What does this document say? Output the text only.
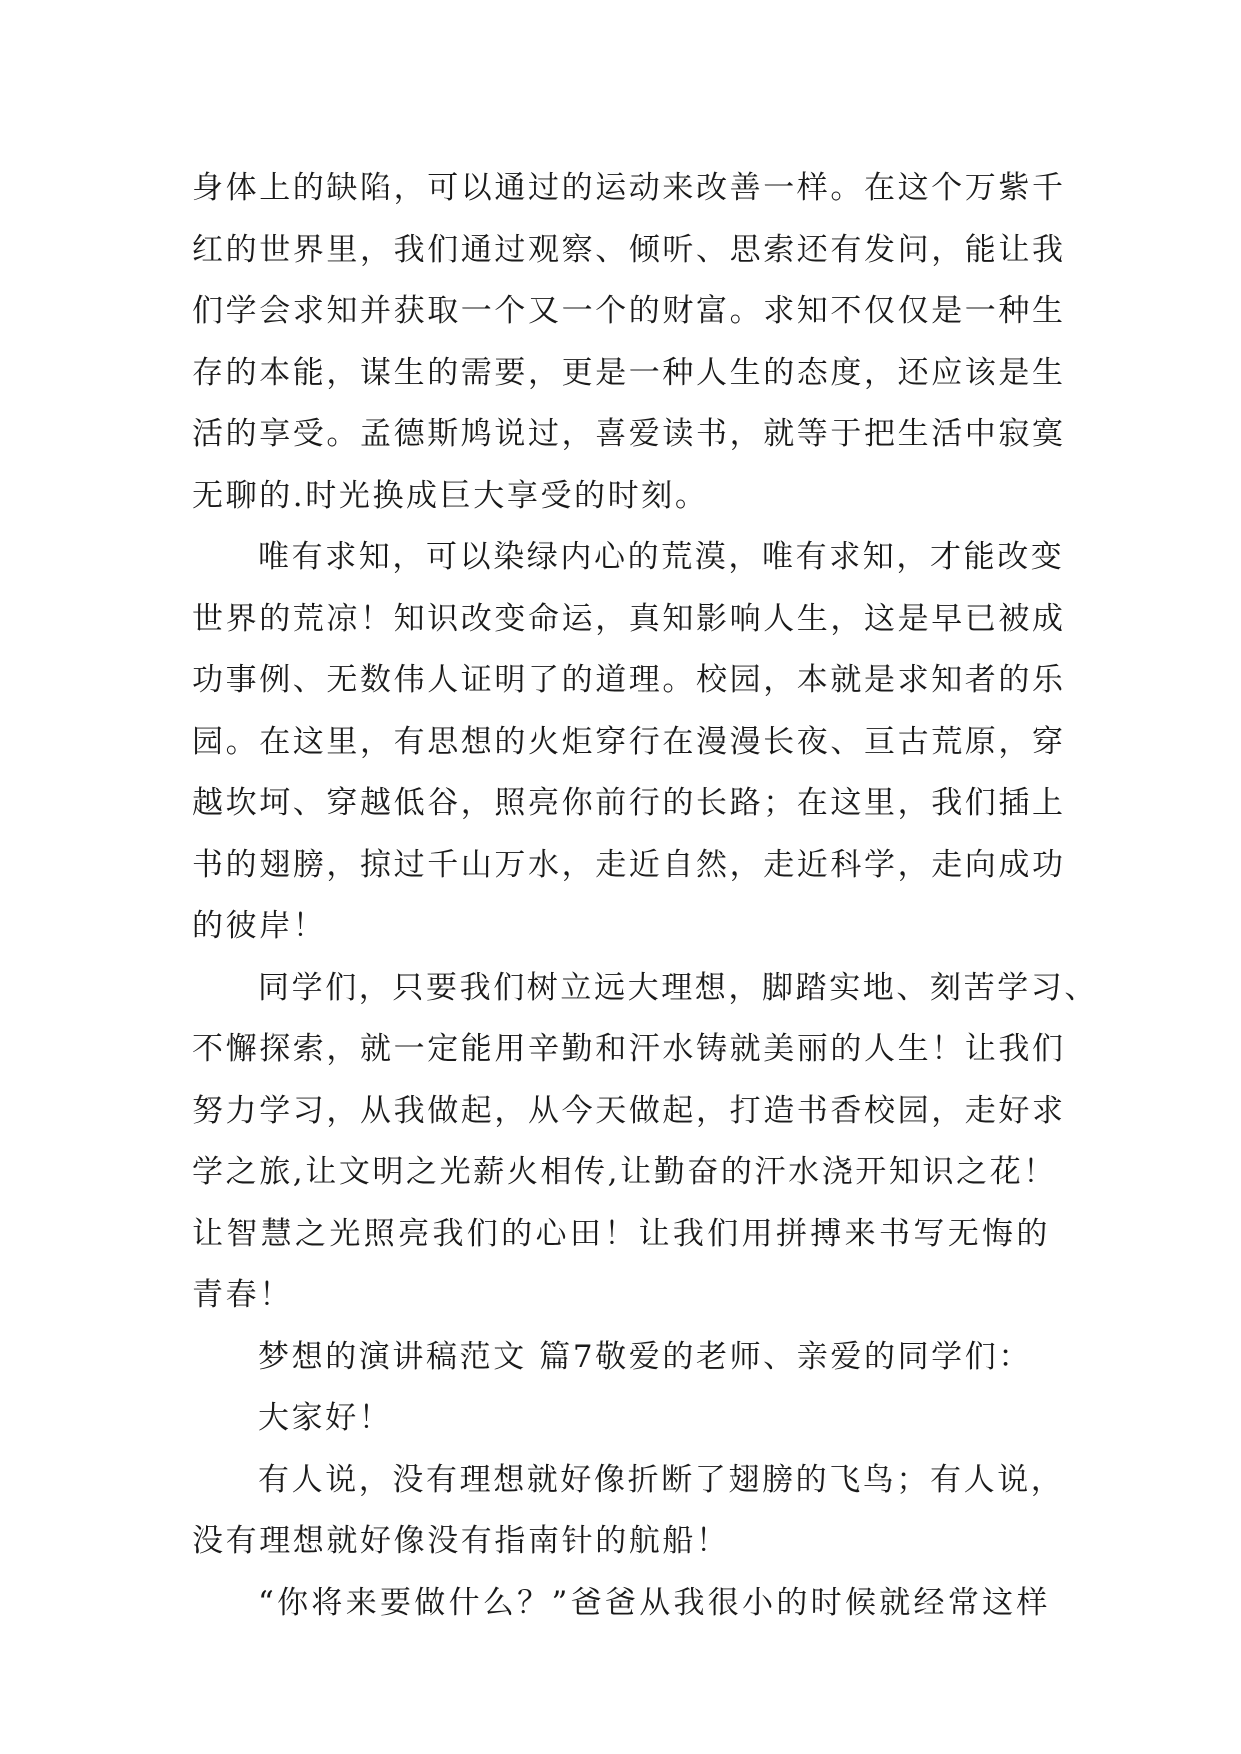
身体上的缺陷，可以通过的运动来改善一样。在这个万紫千
红的世界里，我们通过观察、倾听、思索还有发问，能让我
们学会求知并获取一个又一个的财富。求知不仅仅是一种生
存的本能，谋生的需要，更是一种人生的态度，还应该是生
活的享受。孟德斯鸠说过，喜爱读书，就等于把生活中寂寞
无聊的.时光换成巨大享受的时刻。
唯有求知，可以染绿内心的荒漠，唯有求知，才能改变
世界的荒凉！知识改变命运，真知影响人生，这是早已被成
功事例、无数伟人证明了的道理。校园，本就是求知者的乐
园。在这里，有思想的火炬穿行在漫漫长夜、亘古荒原，穿
越坎坷、穿越低谷，照亮你前行的长路；在这里，我们插上
书的翅膀，掠过千山万水，走近自然，走近科学，走向成功
的彼岸！
同学们，只要我们树立远大理想，脚踏实地、刻苦学习、
不懈探索，就一定能用辛勤和汗水铸就美丽的人生！让我们
努力学习，从我做起，从今天做起，打造书香校园，走好求
学之旅,让文明之光薪火相传,让勤奋的汗水浇开知识之花！
让智慧之光照亮我们的心田！让我们用拼搏来书写无悔的
青春！
梦想的演讲稿范文 篇7敬爱的老师、亲爱的同学们：
大家好！
有人说，没有理想就好像折断了翅膀的飞鸟；有人说，
没有理想就好像没有指南针的航船！
“你将来要做什么？”爸爸从我很小的时候就经常这样
